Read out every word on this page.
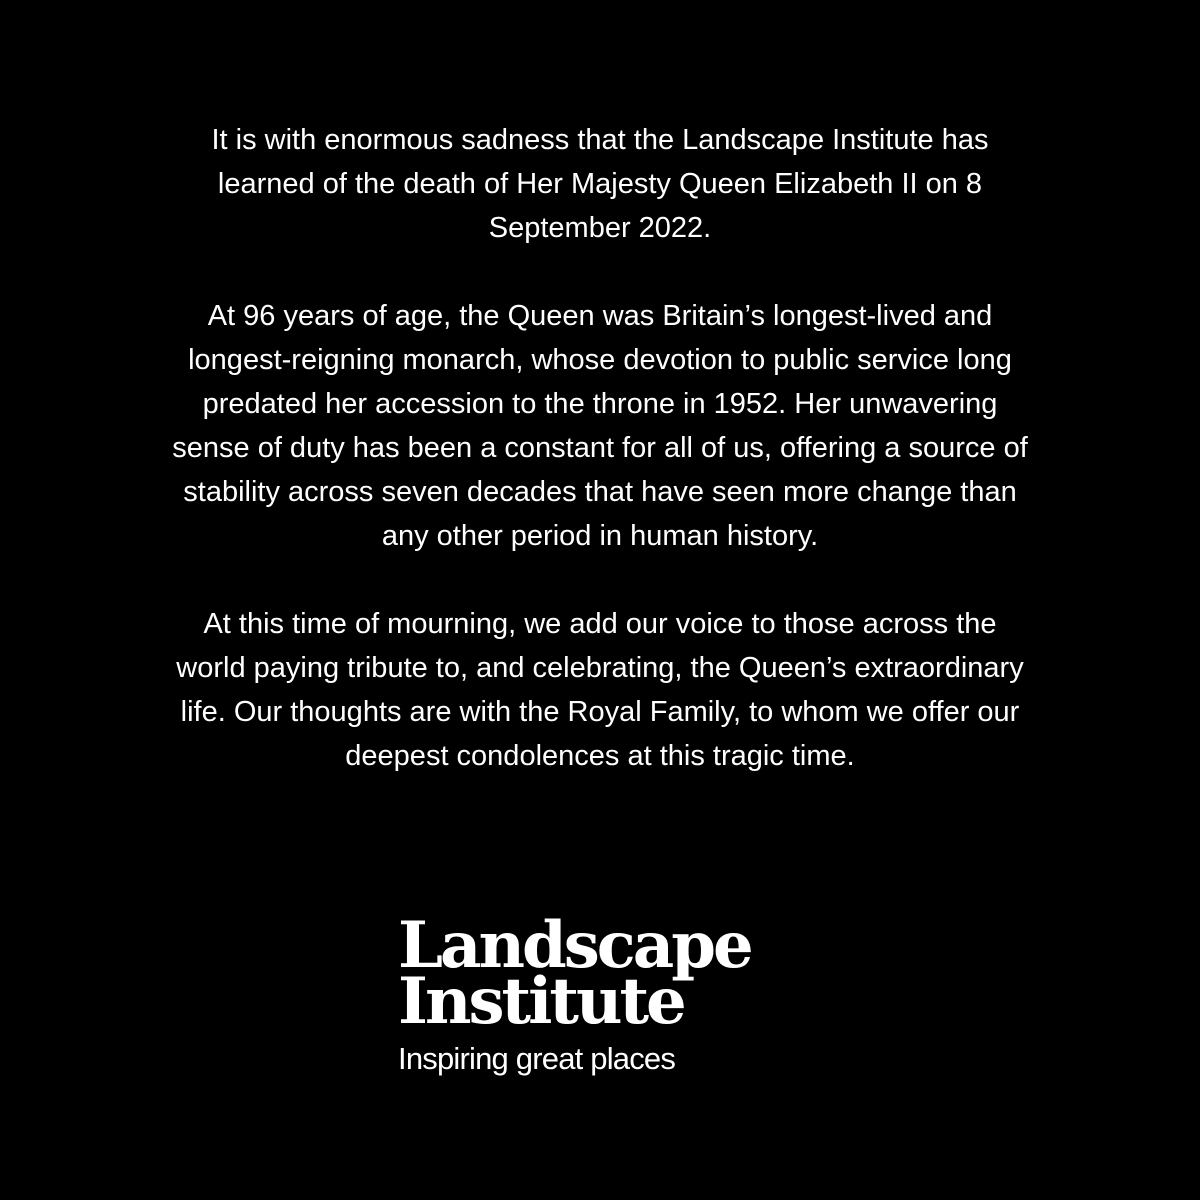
It is with enormous sadness that the Landscape Institute has
learned of the death of Her Majesty Queen Elizabeth II on 8
September 2022.

At 96 years of age, the Queen was Britain’s longest-lived and
longest-reigning monarch, whose devotion to public service long
predated her accession to the throne in 1952. Her unwavering
sense of duty has been a constant for all of us, offering a source of
stability across seven decades that have seen more change than
any other period in human history.

At this time of mourning, we add our voice to those across the
world paying tribute to, and celebrating, the Queen’s extraordinary
life. Our thoughts are with the Royal Family, to whom we offer our
deepest condolences at this tragic time.

Landscape
Institute
Inspiring great places
